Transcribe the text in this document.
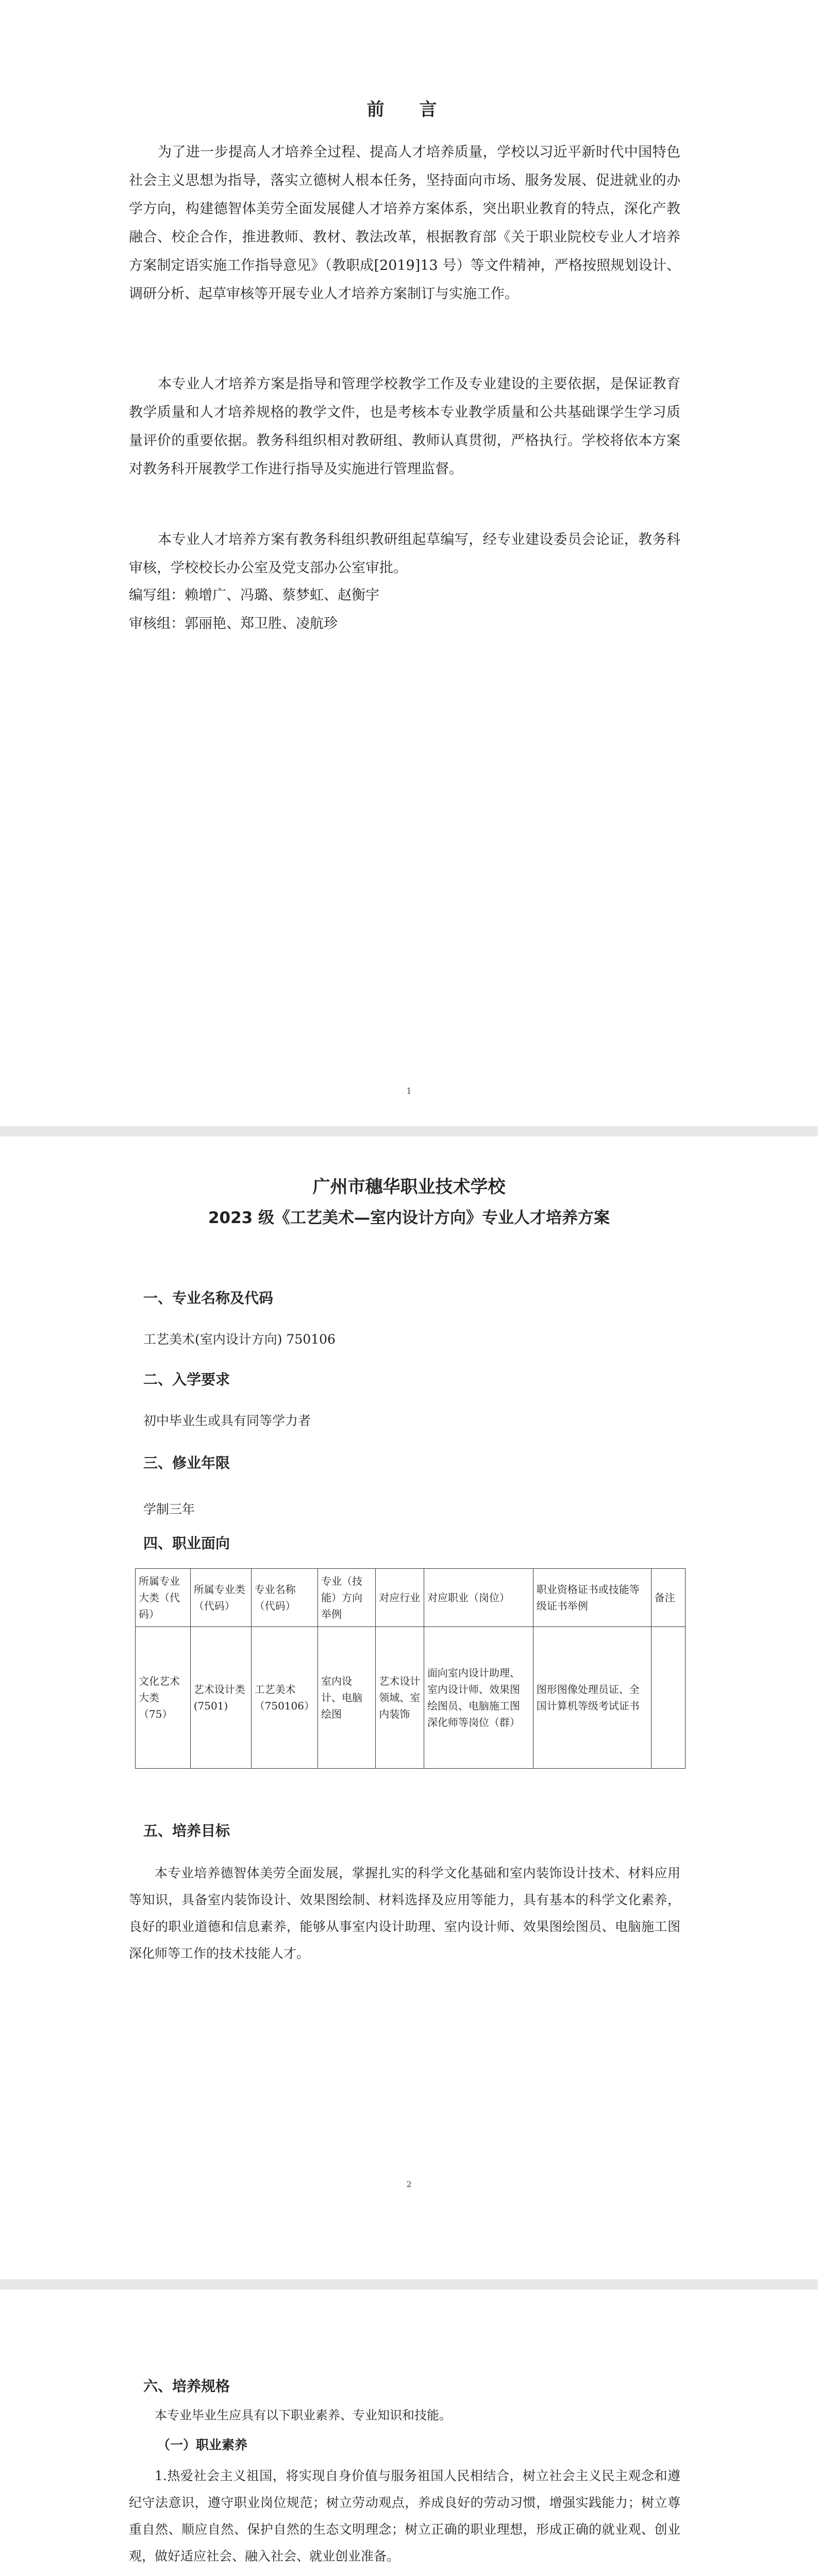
前 言

为了进一步提高人才培养全过程、提高人才培养质量，学校以习近平新时代中国特色社会主义思想为指导，落实立德树人根本任务，坚持面向市场、服务发展、促进就业的办学方向，构建德智体美劳全面发展健人才培养方案体系，突出职业教育的特点，深化产教融合、校企合作，推进教师、教材、教法改革，根据教育部《关于职业院校专业人才培养方案制定语实施工作指导意见》（教职成[2019]13 号）等文件精神，严格按照规划设计、调研分析、起草审核等开展专业人才培养方案制订与实施工作。

本专业人才培养方案是指导和管理学校教学工作及专业建设的主要依据，是保证教育教学质量和人才培养规格的教学文件，也是考核本专业教学质量和公共基础课学生学习质量评价的重要依据。教务科组织相对教研组、教师认真贯彻，严格执行。学校将依本方案对教务科开展教学工作进行指导及实施进行管理监督。

本专业人才培养方案有教务科组织教研组起草编写，经专业建设委员会论证，教务科审核，学校校长办公室及党支部办公室审批。

编写组：赖增广、冯璐、蔡梦虹、赵衡宇
审核组：郭丽艳、郑卫胜、凌航珍
1
广州市穗华职业技术学校
2023 级《工艺美术—室内设计方向》专业人才培养方案

一、专业名称及代码

工艺美术(室内设计方向) 750106

二、入学要求

初中毕业生或具有同等学力者

三、修业年限

学制三年

四、职业面向

所属专业大类（代码）	所属专业类（代码）	专业名称（代码）	专业（技能）方向举例	对应行业	对应职业（岗位）	职业资格证书或技能等级证书举例	备注
文化艺术大类（75）	艺术设计类(7501)	工艺美术（750106）	室内设计、电脑绘图	艺术设计领域、室内装饰	面向室内设计助理、室内设计师、效果图绘图员、电脑施工图深化师等岗位（群）	图形图像处理员证、全国计算机等级考试证书	

五、培养目标

本专业培养德智体美劳全面发展，掌握扎实的科学文化基础和室内装饰设计技术、材料应用等知识，具备室内装饰设计、效果图绘制、材料选择及应用等能力，具有基本的科学文化素养，良好的职业道德和信息素养，能够从事室内设计助理、室内设计师、效果图绘图员、电脑施工图深化师等工作的技术技能人才。

2

六、培养规格

本专业毕业生应具有以下职业素养、专业知识和技能。

（一）职业素养

1.热爱社会主义祖国，将实现自身价值与服务祖国人民相结合，树立社会主义民主观念和遵纪守法意识，遵守职业岗位规范；树立劳动观点，养成良好的劳动习惯，增强实践能力；树立尊重自然、顺应自然、保护自然的生态文明理念；树立正确的职业理想，形成正确的就业观、创业观，做好适应社会、融入社会、就业创业准备。
